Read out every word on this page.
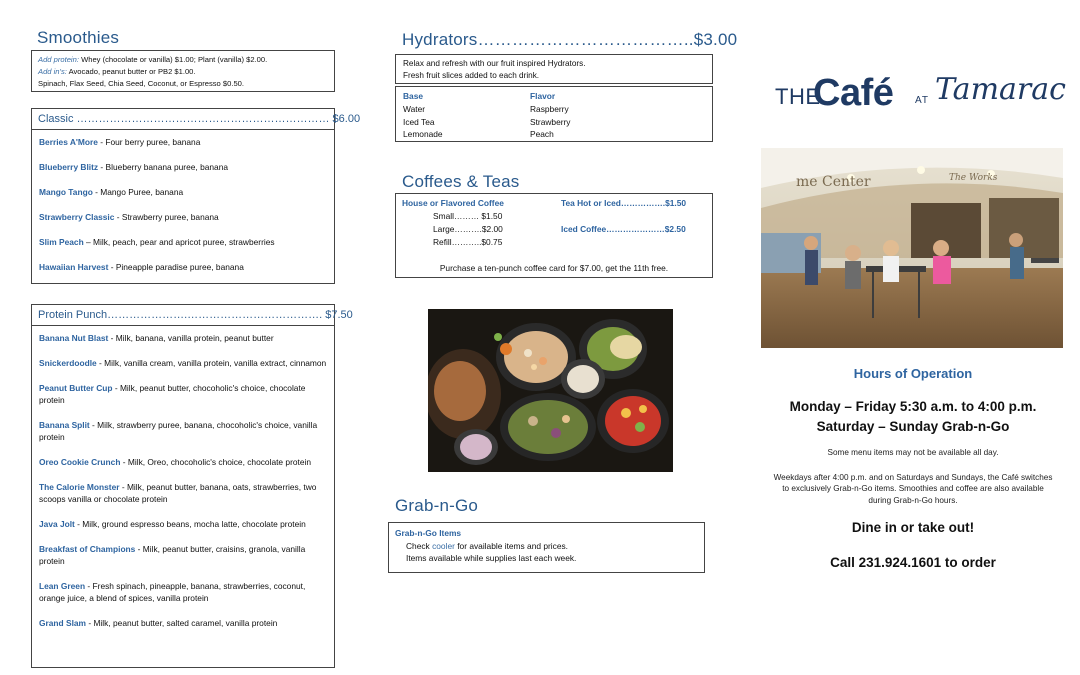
Smoothies
Add protein: Whey (chocolate or vanilla) $1.00; Plant (vanilla) $2.00.
Add in's: Avocado, peanut butter or PB2 $1.00.
Spinach, Flax Seed, Chia Seed, Coconut, or Espresso $0.50.
Classic …………………………………………………………… $6.00
Berries A'More - Four berry puree, banana
Blueberry Blitz - Blueberry banana puree, banana
Mango Tango - Mango Puree, banana
Strawberry Classic - Strawberry puree, banana
Slim Peach – Milk, peach, pear and apricot puree, strawberries
Hawaiian Harvest - Pineapple paradise puree, banana
Protein Punch………………….………………………………. $7.50
Banana Nut Blast - Milk, banana, vanilla protein, peanut butter
Snickerdoodle - Milk, vanilla cream, vanilla protein, vanilla extract, cinnamon
Peanut Butter Cup - Milk, peanut butter, chocoholic's choice, chocolate protein
Banana Split - Milk, strawberry puree, banana, chocoholic's choice, vanilla protein
Oreo Cookie Crunch - Milk, Oreo, chocoholic's choice, chocolate protein
The Calorie Monster - Milk, peanut butter, banana, oats, strawberries, two scoops vanilla or chocolate protein
Java Jolt - Milk, ground espresso beans, mocha latte, chocolate protein
Breakfast of Champions - Milk, peanut butter, craisins, granola, vanilla protein
Lean Green - Fresh spinach, pineapple, banana, strawberries, coconut, orange juice, a blend of spices, vanilla protein
Grand Slam - Milk, peanut butter, salted caramel, vanilla protein
Hydrators………………………………..$3.00
Relax and refresh with our fruit inspired Hydrators.
Fresh fruit slices added to each drink.
Base
Water
Iced Tea
Lemonade
Flavor
Raspberry
Strawberry
Peach
Coffees & Teas
House or Flavored Coffee
Small……… $1.50
Large……….$2.00
Refill………..$0.75
Tea Hot or Iced…………….$1.50
Iced Coffee…………………$2.50
Purchase a ten-punch coffee card for $7.00, get the 11th free.
Grab-n-Go
Grab-n-Go Items
Check cooler for available items and prices.
Items available while supplies last each week.
THE
Café AT Tamarac
me Center	The Works
Hours of Operation
Monday – Friday 5:30 a.m. to 4:00 p.m.
Saturday – Sunday Grab-n-Go
Some menu items may not be available all day.
Weekdays after 4:00 p.m. and on Saturdays and Sundays, the Café switches to exclusively Grab-n-Go items. Smoothies and coffee are also available during Grab-n-Go hours.
Dine in or take out!
Call 231.924.1601 to order
